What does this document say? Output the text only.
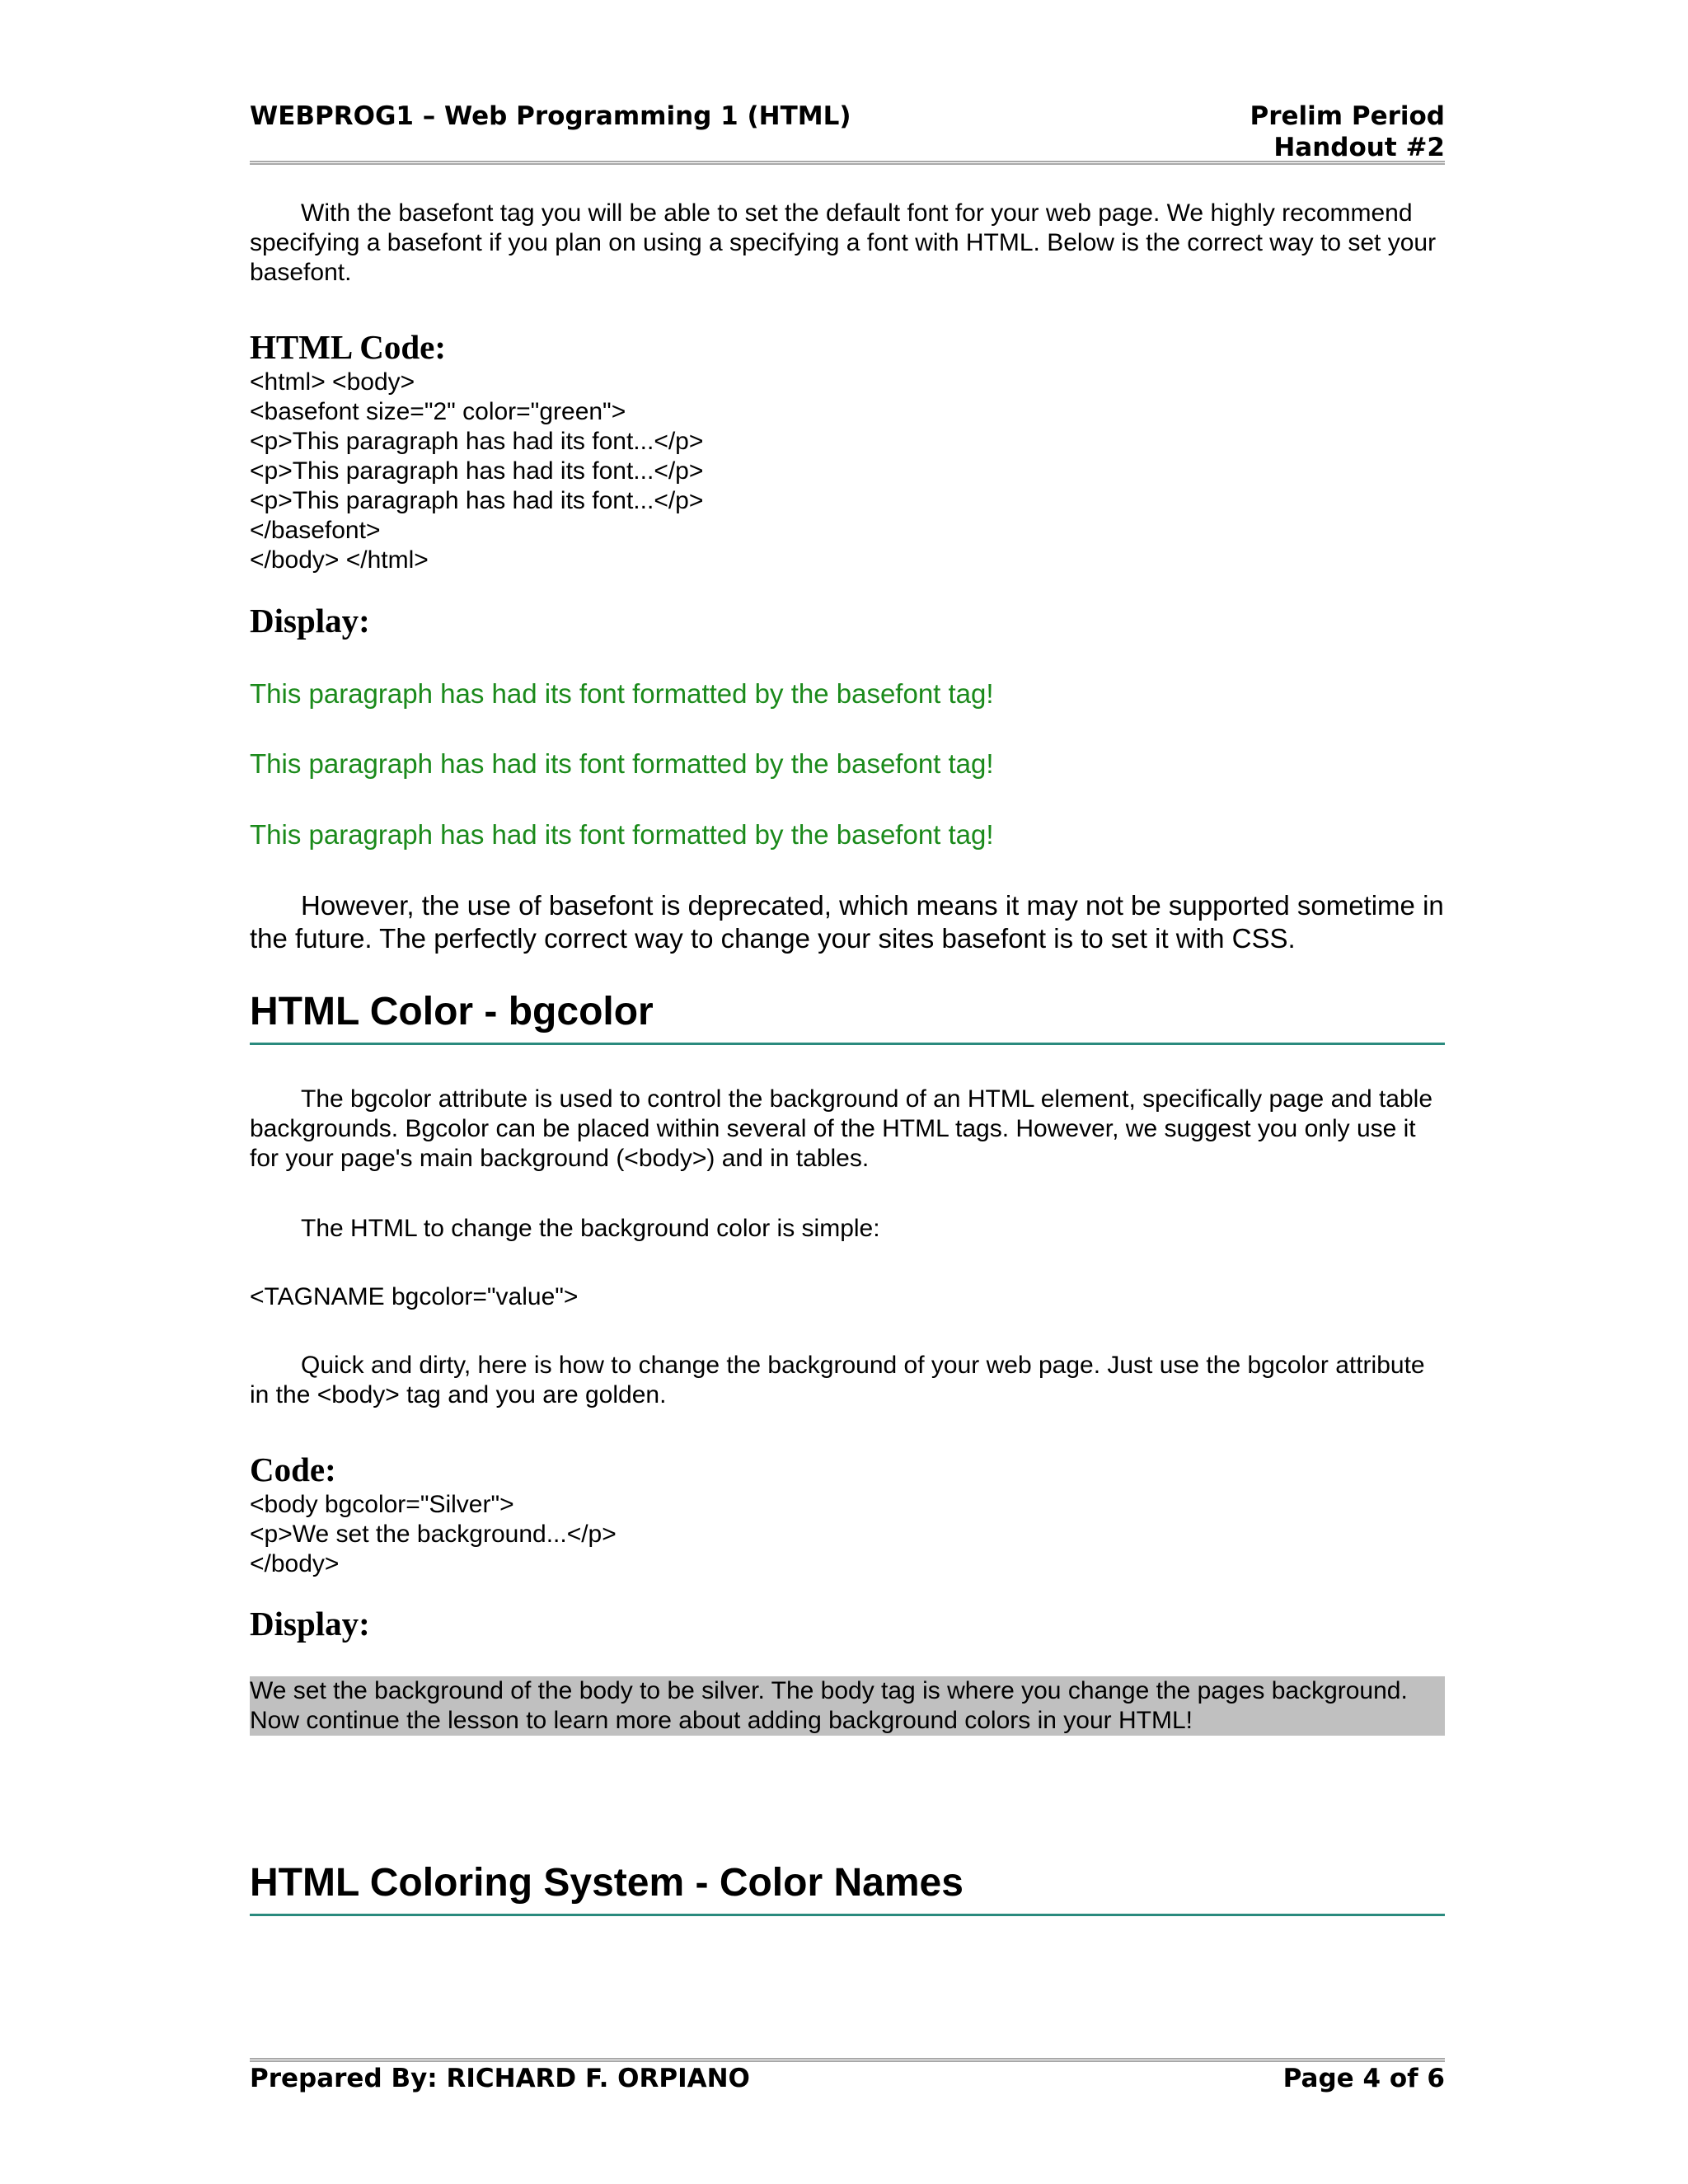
WEBPROG1 – Web Programming 1 (HTML)	Prelim Period
Handout #2
With the basefont tag you will be able to set the default font for your web page. We highly recommend specifying a basefont if you plan on using a specifying a font with HTML. Below is the correct way to set your basefont.
HTML Code:
<html> <body>
<basefont size="2" color="green">
<p>This paragraph has had its font...</p>
<p>This paragraph has had its font...</p>
<p>This paragraph has had its font...</p>
</basefont>
</body> </html>
Display:
This paragraph has had its font formatted by the basefont tag!
This paragraph has had its font formatted by the basefont tag!
This paragraph has had its font formatted by the basefont tag!
However, the use of basefont is deprecated, which means it may not be supported sometime in the future. The perfectly correct way to change your sites basefont is to set it with CSS.
HTML Color - bgcolor
The bgcolor attribute is used to control the background of an HTML element, specifically page and table backgrounds. Bgcolor can be placed within several of the HTML tags. However, we suggest you only use it for your page's main background (<body>) and in tables.
The HTML to change the background color is simple:
<TAGNAME bgcolor="value">
Quick and dirty, here is how to change the background of your web page. Just use the bgcolor attribute in the <body> tag and you are golden.
Code:
<body bgcolor="Silver">
<p>We set the background...</p>
</body>
Display:
We set the background of the body to be silver. The body tag is where you change the pages background. Now continue the lesson to learn more about adding background colors in your HTML!
HTML Coloring System - Color Names
Prepared By: RICHARD F. ORPIANO	Page 4 of 6
